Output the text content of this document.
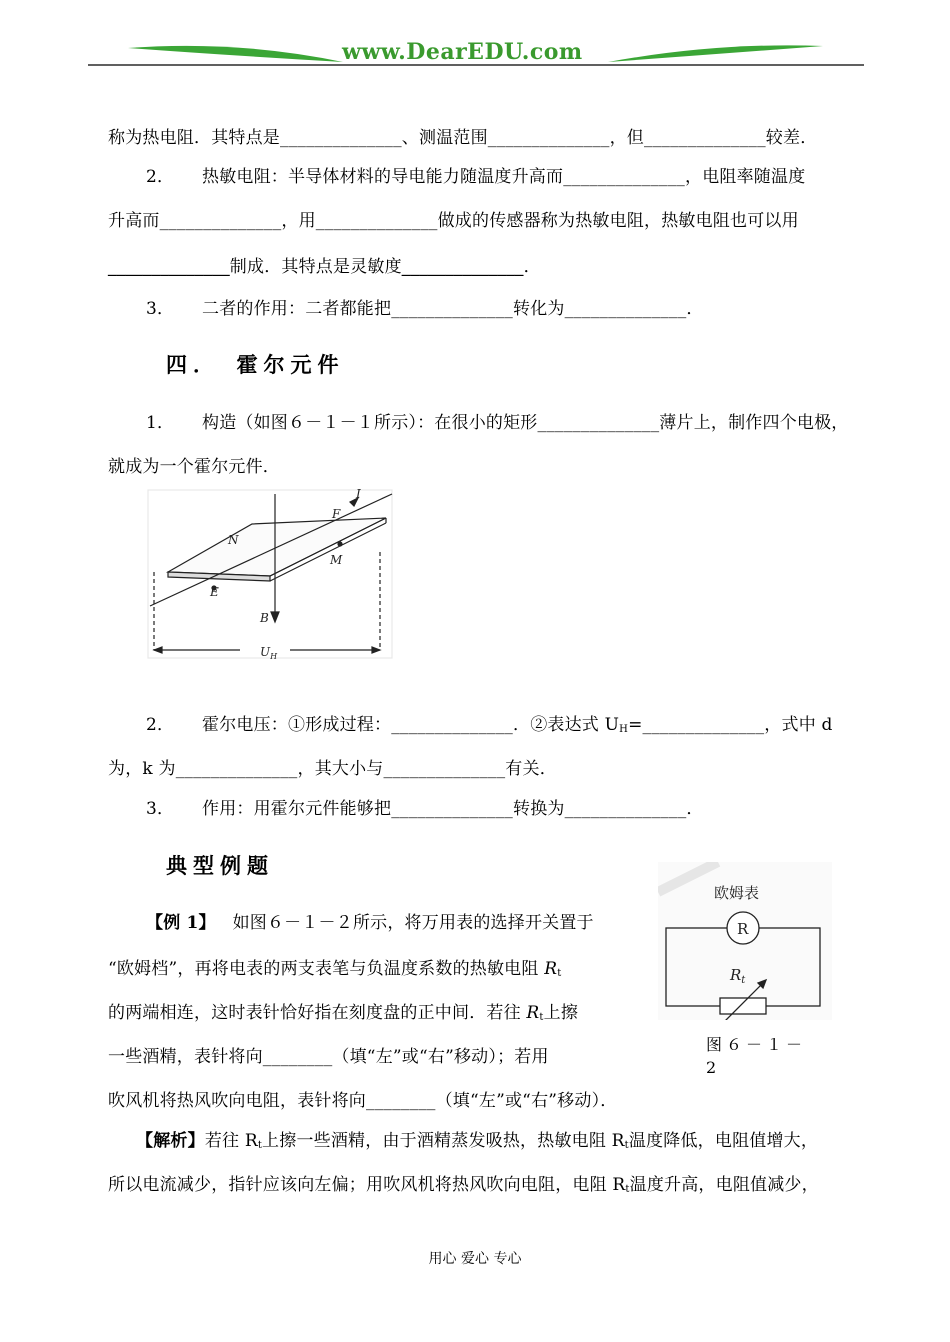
www.DearEDU.com
称为热电阻．其特点是______________、测温范围______________，但______________较差．
2． 热敏电阻：半导体材料的导电能力随温度升高而______________，电阻率随温度
升高而______________，用______________做成的传感器称为热敏电阻，热敏电阻也可以用
______________制成．其特点是灵敏度______________．
3． 二者的作用：二者都能把______________转化为______________．
四．　霍尔元件
1． 构造（如图６－１－１所示）：在很小的矩形______________薄片上，制作四个电极，
就成为一个霍尔元件．
I
F
N
M
E
B
$U_H$
2． 霍尔电压：①形成过程：______________．②表达式 $U_H=\_\_\_\_\_\_\_\_\_\_\_\_\_\_$，式中 d
为，k 为______________，其大小与______________有关．
3． 作用：用霍尔元件能够把______________转换为______________．
典型例题
【例 1】 如图６－１－２所示，将万用表的选择开关置于
“欧姆档”，再将电表的两支表笔与负温度系数的热敏电阻 $R_t$
的两端相连，这时表针恰好指在刻度盘的正中间．若往 $R_t$上擦
一些酒精，表针将向________（填“左”或“右”移动）；若用
吹风机将热风吹向电阻，表针将向________（填“左”或“右”移动）．
欧姆表
R
$R_t$
图６－１－
2
【解析】若往 $R_t$上擦一些酒精，由于酒精蒸发吸热，热敏电阻 $R_t$温度降低，电阻值增大，
所以电流减少，指针应该向左偏；用吹风机将热风吹向电阻，电阻 $R_t$温度升高，电阻值减少，
用心 爱心 专心
